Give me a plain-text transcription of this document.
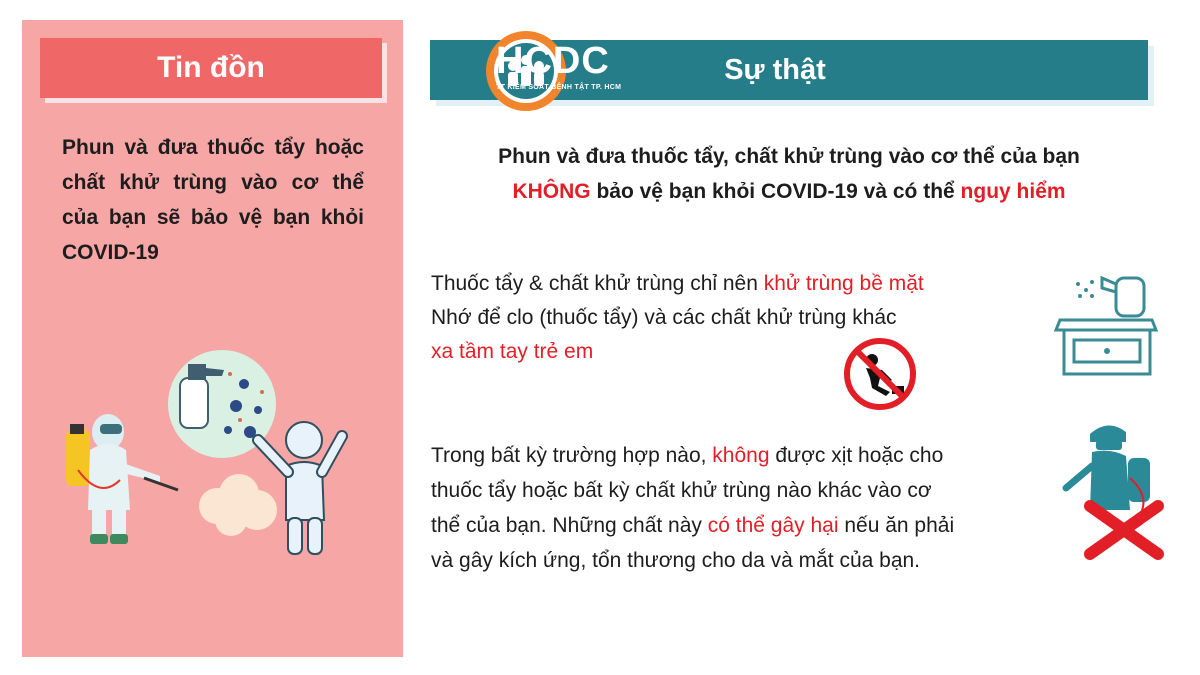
Tin đồn
Phun và đưa thuốc tẩy hoặc chất khử trùng vào cơ thể của bạn sẽ bảo vệ bạn khỏi COVID-19
HCDC
TT KIỂM SOÁT BỆNH TẬT TP. HCM
Sự thật
Phun và đưa thuốc tẩy, chất khử trùng vào cơ thể của bạn
KHÔNG bảo vệ bạn khỏi COVID-19 và có thể nguy hiểm
Thuốc tẩy & chất khử trùng chỉ nên khử trùng bề mặt
Nhớ để clo (thuốc tẩy) và các chất khử trùng khác
xa tầm tay trẻ em
Trong bất kỳ trường hợp nào, không được xịt hoặc cho
thuốc tẩy hoặc bất kỳ chất khử trùng nào khác vào cơ
thể của bạn. Những chất này có thể gây hại nếu ăn phải
và gây kích ứng, tổn thương cho da và mắt của bạn.
